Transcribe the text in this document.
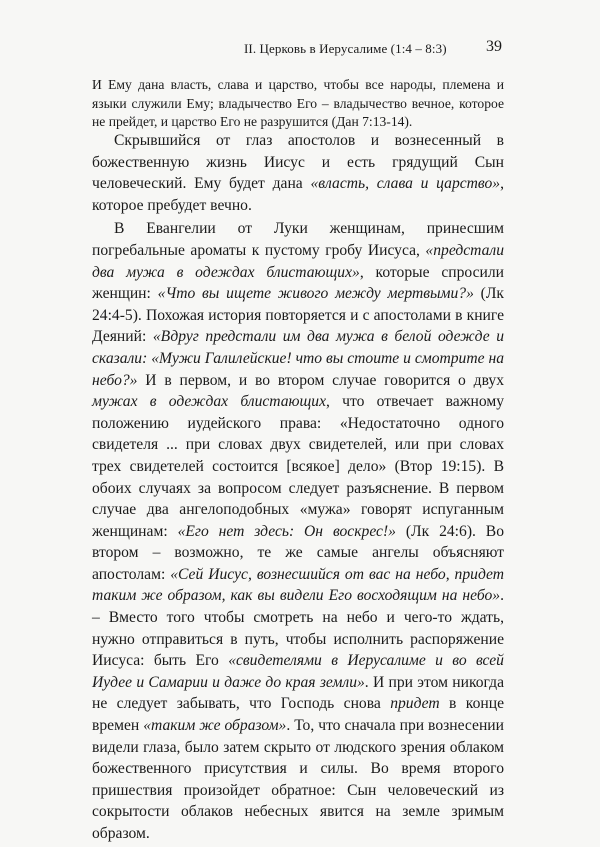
II. Церковь в Иерусалиме (1:4 – 8:3) 39

И Ему дана власть, слава и царство, чтобы все народы, племена и языки служили Ему; владычество Его – владычество вечное, которое не прейдет, и царство Его не разрушится (Дан 7:13-14).

Скрывшийся от глаз апостолов и вознесенный в божественную жизнь Иисус и есть грядущий Сын человеческий. Ему будет дана «власть, слава и царство», которое пребудет вечно.

В Евангелии от Луки женщинам, принесшим погребальные ароматы к пустому гробу Иисуса, «предстали два мужа в одеждах блистающих», которые спросили женщин: «Что вы ищете живого между мертвыми?» (Лк 24:4-5). Похожая история повторяется и с апостолами в книге Деяний: «Вдруг предстали им два мужа в белой одежде и сказали: «Мужи Галилейские! что вы стоите и смотрите на небо?» И в первом, и во втором случае говорится о двух мужах в одеждах блистающих, что отвечает важному положению иудейского права: «Недостаточно одного свидетеля ... при словах двух свидетелей, или при словах трех свидетелей состоится [всякое] дело» (Втор 19:15). В обоих случаях за вопросом следует разъяснение. В первом случае два ангелоподобных «мужа» говорят испуганным женщинам: «Его нет здесь: Он воскрес!» (Лк 24:6). Во втором – возможно, те же самые ангелы объясняют апостолам: «Сей Иисус, вознесшийся от вас на небо, придет таким же образом, как вы видели Его восходящим на небо». – Вместо того чтобы смотреть на небо и чего-то ждать, нужно отправиться в путь, чтобы исполнить распоряжение Иисуса: быть Его «свидетелями в Иерусалиме и во всей Иудее и Самарии и даже до края земли». И при этом никогда не следует забывать, что Господь снова придет в конце времен «таким же образом». То, что сначала при вознесении видели глаза, было затем скрыто от людского зрения облаком божественного присутствия и силы. Во время второго пришествия произойдет обратное: Сын человеческий из сокрытости облаков небесных явится на земле зримым образом.
